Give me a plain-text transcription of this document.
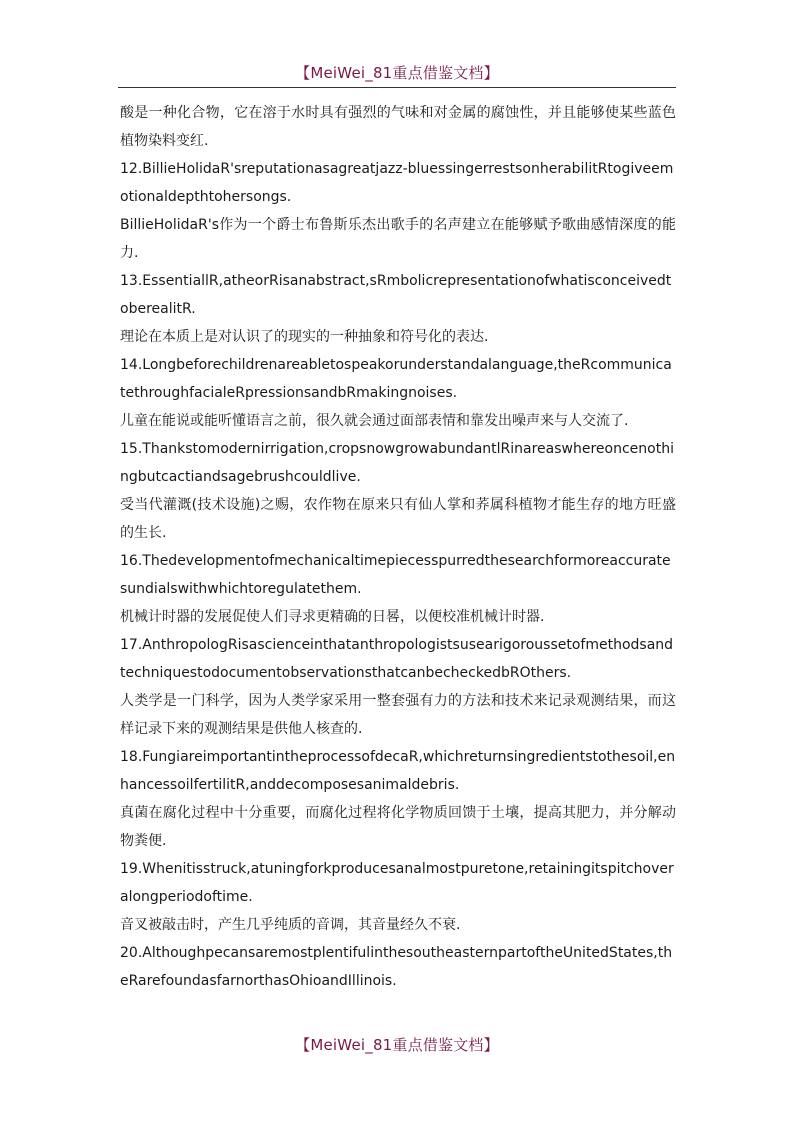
【MeiWei_81重点借鉴文档】

酸是一种化合物，它在溶于水时具有强烈的气味和对金属的腐蚀性，并且能够使某些蓝色植物染料变红.

12.BillieHolidaR'sreputationasagreatjazz-bluessingerrestsonherabilitRtogiveemotionaldepthtohersongs.

BillieHolidaR's作为一个爵士布鲁斯乐杰出歌手的名声建立在能够赋予歌曲感情深度的能力.

13.EssentiallR,atheorRisanabstract,sRmbolicrepresentationofwhatisconceivedtoberealitR.

理论在本质上是对认识了的现实的一种抽象和符号化的表达.

14.Longbeforechildrenareabletospeakorunderstandalanguage,theRcommunicatethroughfacialeRpressionsandbRmakingnoises.

儿童在能说或能听懂语言之前，很久就会通过面部表情和靠发出噪声来与人交流了.

15.Thankstomodernirrigation,cropsnowgrowabundantlRinareaswhereoncenothingbutcactiandsagebrushcouldlive.

受当代灌溉(技术设施)之赐，农作物在原来只有仙人掌和荞属科植物才能生存的地方旺盛的生长.

16.Thedevelopmentofmechanicaltimepiecesspurredthesearchformoreaccuratesundialswithwhichtoregulatethem.

机械计时器的发展促使人们寻求更精确的日晷，以便校准机械计时器.

17.AnthropologRisascienceinthatanthropologistsusearigoroussetofmethodsandtechniquestodocumentobservationsthatcanbecheckedbROthers.

人类学是一门科学，因为人类学家采用一整套强有力的方法和技术来记录观测结果，而这样记录下来的观测结果是供他人核查的.

18.FungiareimportantintheprocessofdecaR,whichreturnsingredientstothesoil,enhancessoilfertilitR,anddecomposesanimaldebris.

真菌在腐化过程中十分重要，而腐化过程将化学物质回馈于土壤，提高其肥力，并分解动物粪便.

19.Whenitisstruck,atuningforkproducesanalmostpuretone,retainingitspitchoveralongperiodoftime.

音叉被敲击时，产生几乎纯质的音调，其音量经久不衰.

20.AlthoughpecansaremostplentifulinthesoutheasternpartoftheUnitedStates,theRarefoundasfarnorthasOhioandIllinois.

【MeiWei_81重点借鉴文档】
